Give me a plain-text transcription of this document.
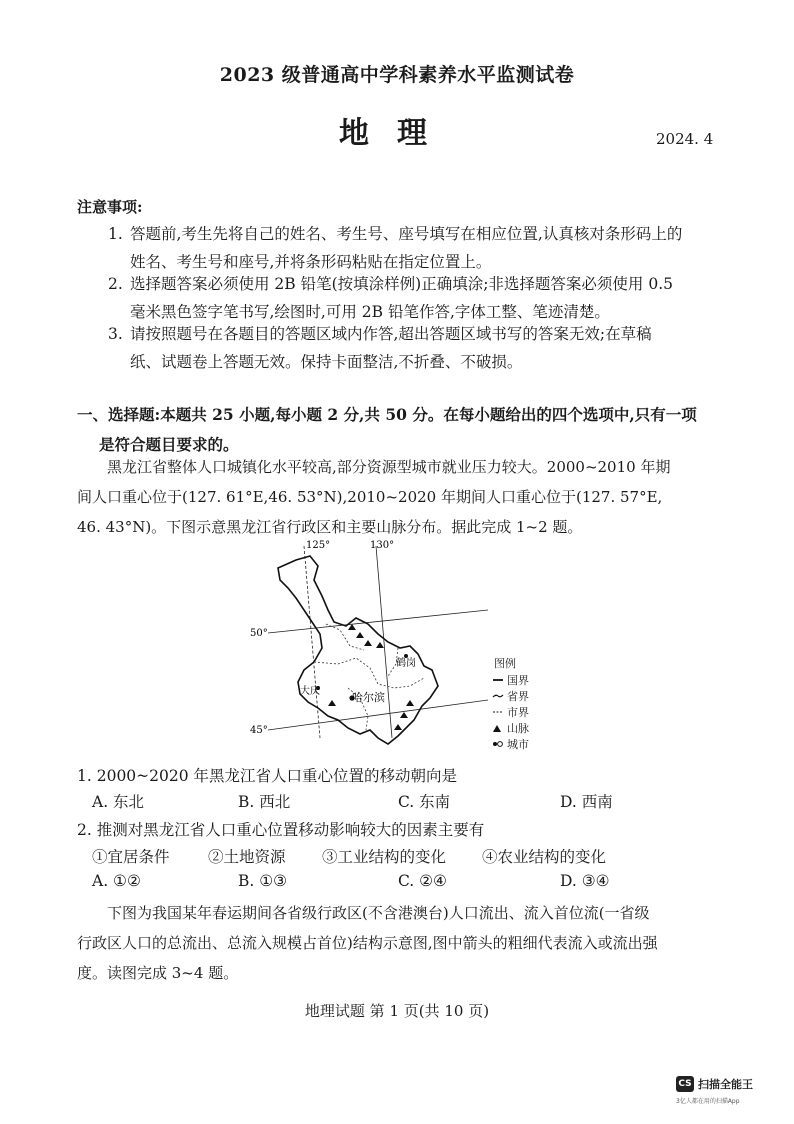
2023 级普通高中学科素养水平监测试卷
地理	2024. 4
注意事项:
1. 答题前,考生先将自己的姓名、考生号、座号填写在相应位置,认真核对条形码上的
姓名、考生号和座号,并将条形码粘贴在指定位置上。
2. 选择题答案必须使用 2B 铅笔(按填涂样例)正确填涂;非选择题答案必须使用 0.5
毫米黑色签字笔书写,绘图时,可用 2B 铅笔作答,字体工整、笔迹清楚。
3. 请按照题号在各题目的答题区域内作答,超出答题区域书写的答案无效;在草稿
纸、试题卷上答题无效。保持卡面整洁,不折叠、不破损。
一、选择题:本题共 25 小题,每小题 2 分,共 50 分。在每小题给出的四个选项中,只有一项
是符合题目要求的。
黑龙江省整体人口城镇化水平较高,部分资源型城市就业压力较大。2000~2010 年期
间人口重心位于(127. 61°E,46. 53°N),2010~2020 年期间人口重心位于(127. 57°E,
46. 43°N)。下图示意黑龙江省行政区和主要山脉分布。据此完成 1~2 题。
125°	130°
50°
45°
哈尔滨
大庆
鹤岗	图例
国界
省界
市界
山脉
城市
1. 2000~2020 年黑龙江省人口重心位置的移动朝向是
A. 东北	B. 西北	C. 东南	D. 西南
2. 推测对黑龙江省人口重心位置移动影响较大的因素主要有
①宜居条件 ②土地资源 ③工业结构的变化 ④农业结构的变化
A. ①②	B. ①③	C. ②④	D. ③④
下图为我国某年春运期间各省级行政区(不含港澳台)人口流出、流入首位流(一省级
行政区人口的总流出、总流入规模占首位)结构示意图,图中箭头的粗细代表流入或流出强
度。读图完成 3~4 题。
地理试题 第 1 页(共 10 页)
CS 扫描全能王
3亿人都在用的扫描App
